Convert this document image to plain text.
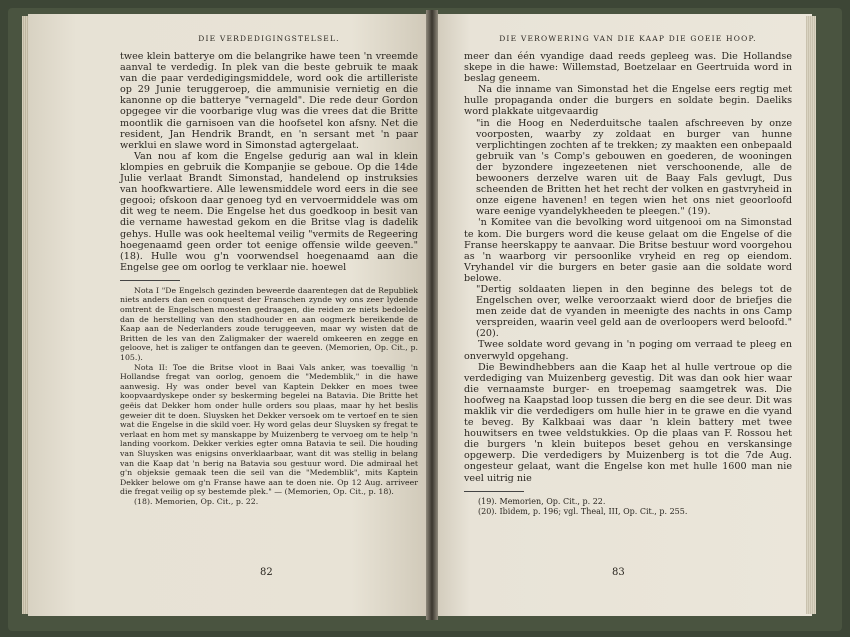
DIE VERDEDIGINGSTELSEL.

twee klein batterye om die belangrike hawe teen 'n vreemde aanval te verdedig. In plek van die beste gebruik te maak van die paar verdedigingsmiddele, word ook die artilleriste op 29 Junie teruggeroep, die ammunisie vernietig en die kanonne op die batterye "vernageld". Die rede deur Gordon opgegee vir die voorbarige vlug was die vrees dat die Britte moontlik die garnisoen van die hoofsetel kon afsny. Net die resident, Jan Hendrik Brandt, en 'n sersant met 'n paar werklui en slawe word in Simonstad agtergelaat.

Van nou af kom die Engelse gedurig aan wal in klein klompies en gebruik die Kompanjie se geboue. Op die 14de Julie verlaat Brandt Simonstad, handelend op instruksies van hoofkwartiere. Alle lewensmiddele word eers in die see gegooi; ofskoon daar genoeg tyd en vervoermiddele was om dit weg te neem. Die Engelse het dus goedkoop in besit van die vername hawestad gekom en die Britse vlag is dadelik gehys. Hulle was ook heeltemal veilig "vermits de Regeering hoegenaamd geen order tot eenige offensie wilde geeven." (18). Hulle wou g'n voorwendsel hoegenaamd aan die Engelse gee om oorlog te verklaar nie. hoewel

Nota I "De Engelsch gezinden beweerde daarentegen dat de Republiek niets anders dan een conquest der Franschen zynde wy ons zeer lydende omtrent de Engelschen moesten gedraagen, die reiden ze niets bedoelde dan de herstelling van den stadhouder en aan oogmerk bereikende de Kaap aan de Nederlanders zoude teruggeeven, maar wy wisten dat de Britten de les van den Zaligmaker der waereld omkeeren en zegge en geloove, het is zaliger te ontfangen dan te geeven. (Memorien, Op. Cit., p. 105.).

Nota II: Toe die Britse vloot in Baai Vals anker, was toevallig 'n Hollandse fregat van oorlog, genoem die "Medemblik," in die hawe aanwesig. Hy was onder bevel van Kaptein Dekker en moes twee koopvaardyskepe onder sy beskerming begelei na Batavia. Die Britte het geëis dat Dekker hom onder hulle orders sou plaas, maar hy het beslis geweier dit te doen. Sluysken het Dekker versoek om te vertoef en te sien wat die Engelse in die skild voer. Hy word gelas deur Sluysken sy fregat te verlaat en hom met sy manskappe by Muizenberg te vervoeg om te help 'n landing voorkom. Dekker verkies egter omna Batavia te seil. Die houding van Sluysken was enigsins onverklaarbaar, want dit was stellig in belang van die Kaap dat 'n berig na Batavia sou gestuur word. Die admiraal het g'n objeksie gemaak teen die seil van die "Medemblik", mits Kaptein Dekker belowe om g'n Franse hawe aan te doen nie. Op 12 Aug. arriveer die fregat veilig op sy bestemde plek." — (Memorien, Op. Cit., p. 18).

(18). Memorien, Op. Cit., p. 22.

82
DIE VEROWERING VAN DIE KAAP DIE GOEIE HOOP.

meer dan één vyandige daad reeds gepleeg was. Die Hollandse skepe in die hawe: Willemstad, Boetzelaar en Geertruida word in beslag geneem.

Na die inname van Simonstad het die Engelse eers regtig met hulle propaganda onder die burgers en soldate begin. Daeliks word plakkate uitgevaardig

"in die Hoog en Nederduitsche taalen afschreeven by onze voorposten, waarby zy zoldaat en burger van hunne verplichtingen zochten af te trekken; zy maakten een onbepaald gebruik van 's Comp's gebouwen en goederen, de wooningen der byzondere ingezeetenen niet verschoonende, alle de bewooners derzelve waren uit de Baay Fals gevlugt, Dus scheenden de Britten het het recht der volken en gastvryheid in onze eigene havenen! en tegen wien het ons niet geoorloofd ware eenige vyandelykheeden te pleegen." (19).

'n Komitee van die bevolking word uitgenooi om na Simonstad te kom. Die burgers word die keuse gelaat om die Engelse of die Franse heerskappy te aanvaar. Die Britse bestuur word voorgehou as 'n waarborg vir persoonlike vryheid en reg op eiendom. Vryhandel vir die burgers en beter gasie aan die soldate word belowe.

"Dertig soldaaten liepen in den beginne des belegs tot de Engelschen over, welke veroorzaakt wierd door de briefjes die men zeide dat de vyanden in meenigte des nachts in ons Camp verspreiden, waarin veel geld aan de overloopers werd beloofd." (20).

Twee soldate word gevang in 'n poging om verraad te pleeg en onverwyld opgehang.

Die Bewindhebbers aan die Kaap het al hulle vertroue op die verdediging van Muizenberg gevestig. Dit was dan ook hier waar die vernaamste burger- en troepemag saamgetrek was. Die hoofweg na Kaapstad loop tussen die berg en die see deur. Dit was maklik vir die verdedigers om hulle hier in te grawe en die vyand te beveg. By Kalkbaai was daar 'n klein battery met twee houwitsers en twee veldstukkies. Op die plaas van F. Rossou het die burgers 'n klein buitepos beset gehou en verskansinge opgewerp. Die verdedigers by Muizenberg is tot die 7de Aug. ongesteur gelaat, want die Engelse kon met hulle 1600 man nie veel uitrig nie

(19). Memorien, Op. Cit., p. 22.

(20). Ibidem, p. 196; vgl. Theal, III, Op. Cit., p. 255.

83
